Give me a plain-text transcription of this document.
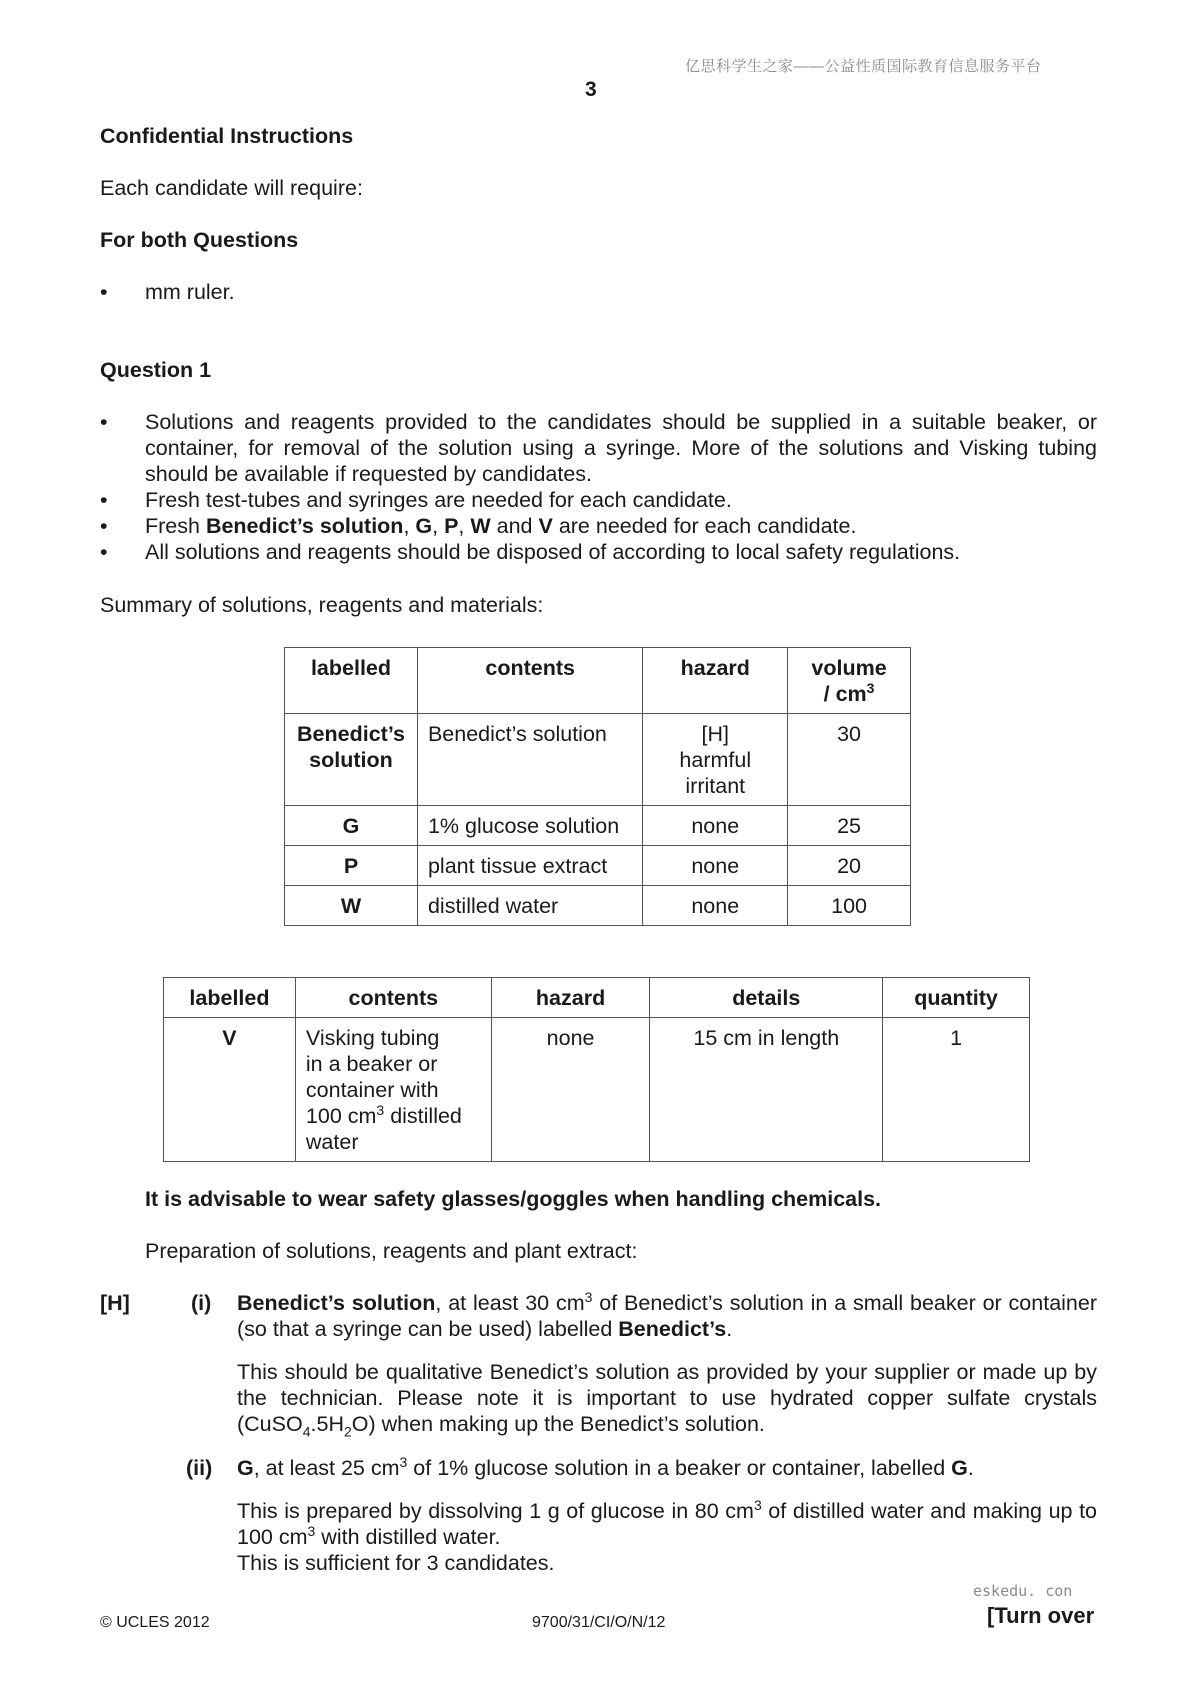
亿思科学生之家——公益性质国际教育信息服务平台
3
Confidential Instructions
Each candidate will require:
For both Questions
• mm ruler.
Question 1
• Solutions and reagents provided to the candidates should be supplied in a suitable beaker, or container, for removal of the solution using a syringe. More of the solutions and Visking tubing should be available if requested by candidates.
• Fresh test-tubes and syringes are needed for each candidate.
• Fresh Benedict’s solution, G, P, W and V are needed for each candidate.
• All solutions and reagents should be disposed of according to local safety regulations.
Summary of solutions, reagents and materials:
labelled	contents	hazard	volume
/ $cm^3$
Benedict’s
solution	Benedict’s solution	[H]
harmful
irritant	30
G	1% glucose solution	none	25
P	plant tissue extract	none	20
W	distilled water	none	100
labelled	contents	hazard	details	quantity
V	Visking tubing
in a beaker or
container with
100 $cm^3$ distilled
water	none	15 cm in length	1
It is advisable to wear safety glasses/goggles when handling chemicals.
Preparation of solutions, reagents and plant extract:
[H]	(i) Benedict’s solution, at least 30 $cm^3$ of Benedict’s solution in a small beaker or container (so that a syringe can be used) labelled Benedict’s.
This should be qualitative Benedict’s solution as provided by your supplier or made up by the technician. Please note it is important to use hydrated copper sulfate crystals $(CuSO_4.5H_2O)$ when making up the Benedict’s solution.
(ii) G, at least 25 $cm^3$ of 1% glucose solution in a beaker or container, labelled G.
This is prepared by dissolving 1 g of glucose in 80 $cm^3$ of distilled water and making up to 100 $cm^3$ with distilled water.
This is sufficient for 3 candidates.
eskedu. con
© UCLES 2012	9700/31/CI/O/N/12	[Turn over
